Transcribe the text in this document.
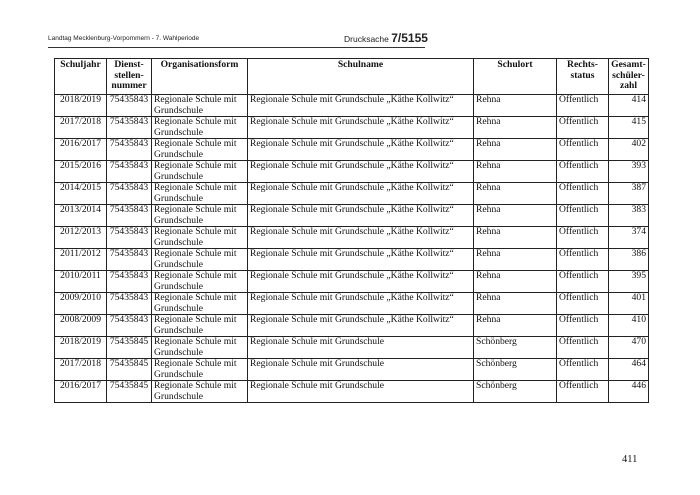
Landtag Mecklenburg-Vorpommern - 7. Wahlperiode	Drucksache 7/5155
Schuljahr	Dienst-stellen-nummer	Organisationsform	Schulname	Schulort	Rechts-status	Gesamt-schüler-zahl
2018/2019	75435843	Regionale Schule mit Grundschule	Regionale Schule mit Grundschule „Käthe Kollwitz“	Rehna	Öffentlich	414
2017/2018	75435843	Regionale Schule mit Grundschule	Regionale Schule mit Grundschule „Käthe Kollwitz“	Rehna	Öffentlich	415
2016/2017	75435843	Regionale Schule mit Grundschule	Regionale Schule mit Grundschule „Käthe Kollwitz“	Rehna	Öffentlich	402
2015/2016	75435843	Regionale Schule mit Grundschule	Regionale Schule mit Grundschule „Käthe Kollwitz“	Rehna	Öffentlich	393
2014/2015	75435843	Regionale Schule mit Grundschule	Regionale Schule mit Grundschule „Käthe Kollwitz“	Rehna	Öffentlich	387
2013/2014	75435843	Regionale Schule mit Grundschule	Regionale Schule mit Grundschule „Käthe Kollwitz“	Rehna	Öffentlich	383
2012/2013	75435843	Regionale Schule mit Grundschule	Regionale Schule mit Grundschule „Käthe Kollwitz“	Rehna	Öffentlich	374
2011/2012	75435843	Regionale Schule mit Grundschule	Regionale Schule mit Grundschule „Käthe Kollwitz“	Rehna	Öffentlich	386
2010/2011	75435843	Regionale Schule mit Grundschule	Regionale Schule mit Grundschule „Käthe Kollwitz“	Rehna	Öffentlich	395
2009/2010	75435843	Regionale Schule mit Grundschule	Regionale Schule mit Grundschule „Käthe Kollwitz“	Rehna	Öffentlich	401
2008/2009	75435843	Regionale Schule mit Grundschule	Regionale Schule mit Grundschule „Käthe Kollwitz“	Rehna	Öffentlich	410
2018/2019	75435845	Regionale Schule mit Grundschule	Regionale Schule mit Grundschule	Schönberg	Öffentlich	470
2017/2018	75435845	Regionale Schule mit Grundschule	Regionale Schule mit Grundschule	Schönberg	Öffentlich	464
2016/2017	75435845	Regionale Schule mit Grundschule	Regionale Schule mit Grundschule	Schönberg	Öffentlich	446
411
